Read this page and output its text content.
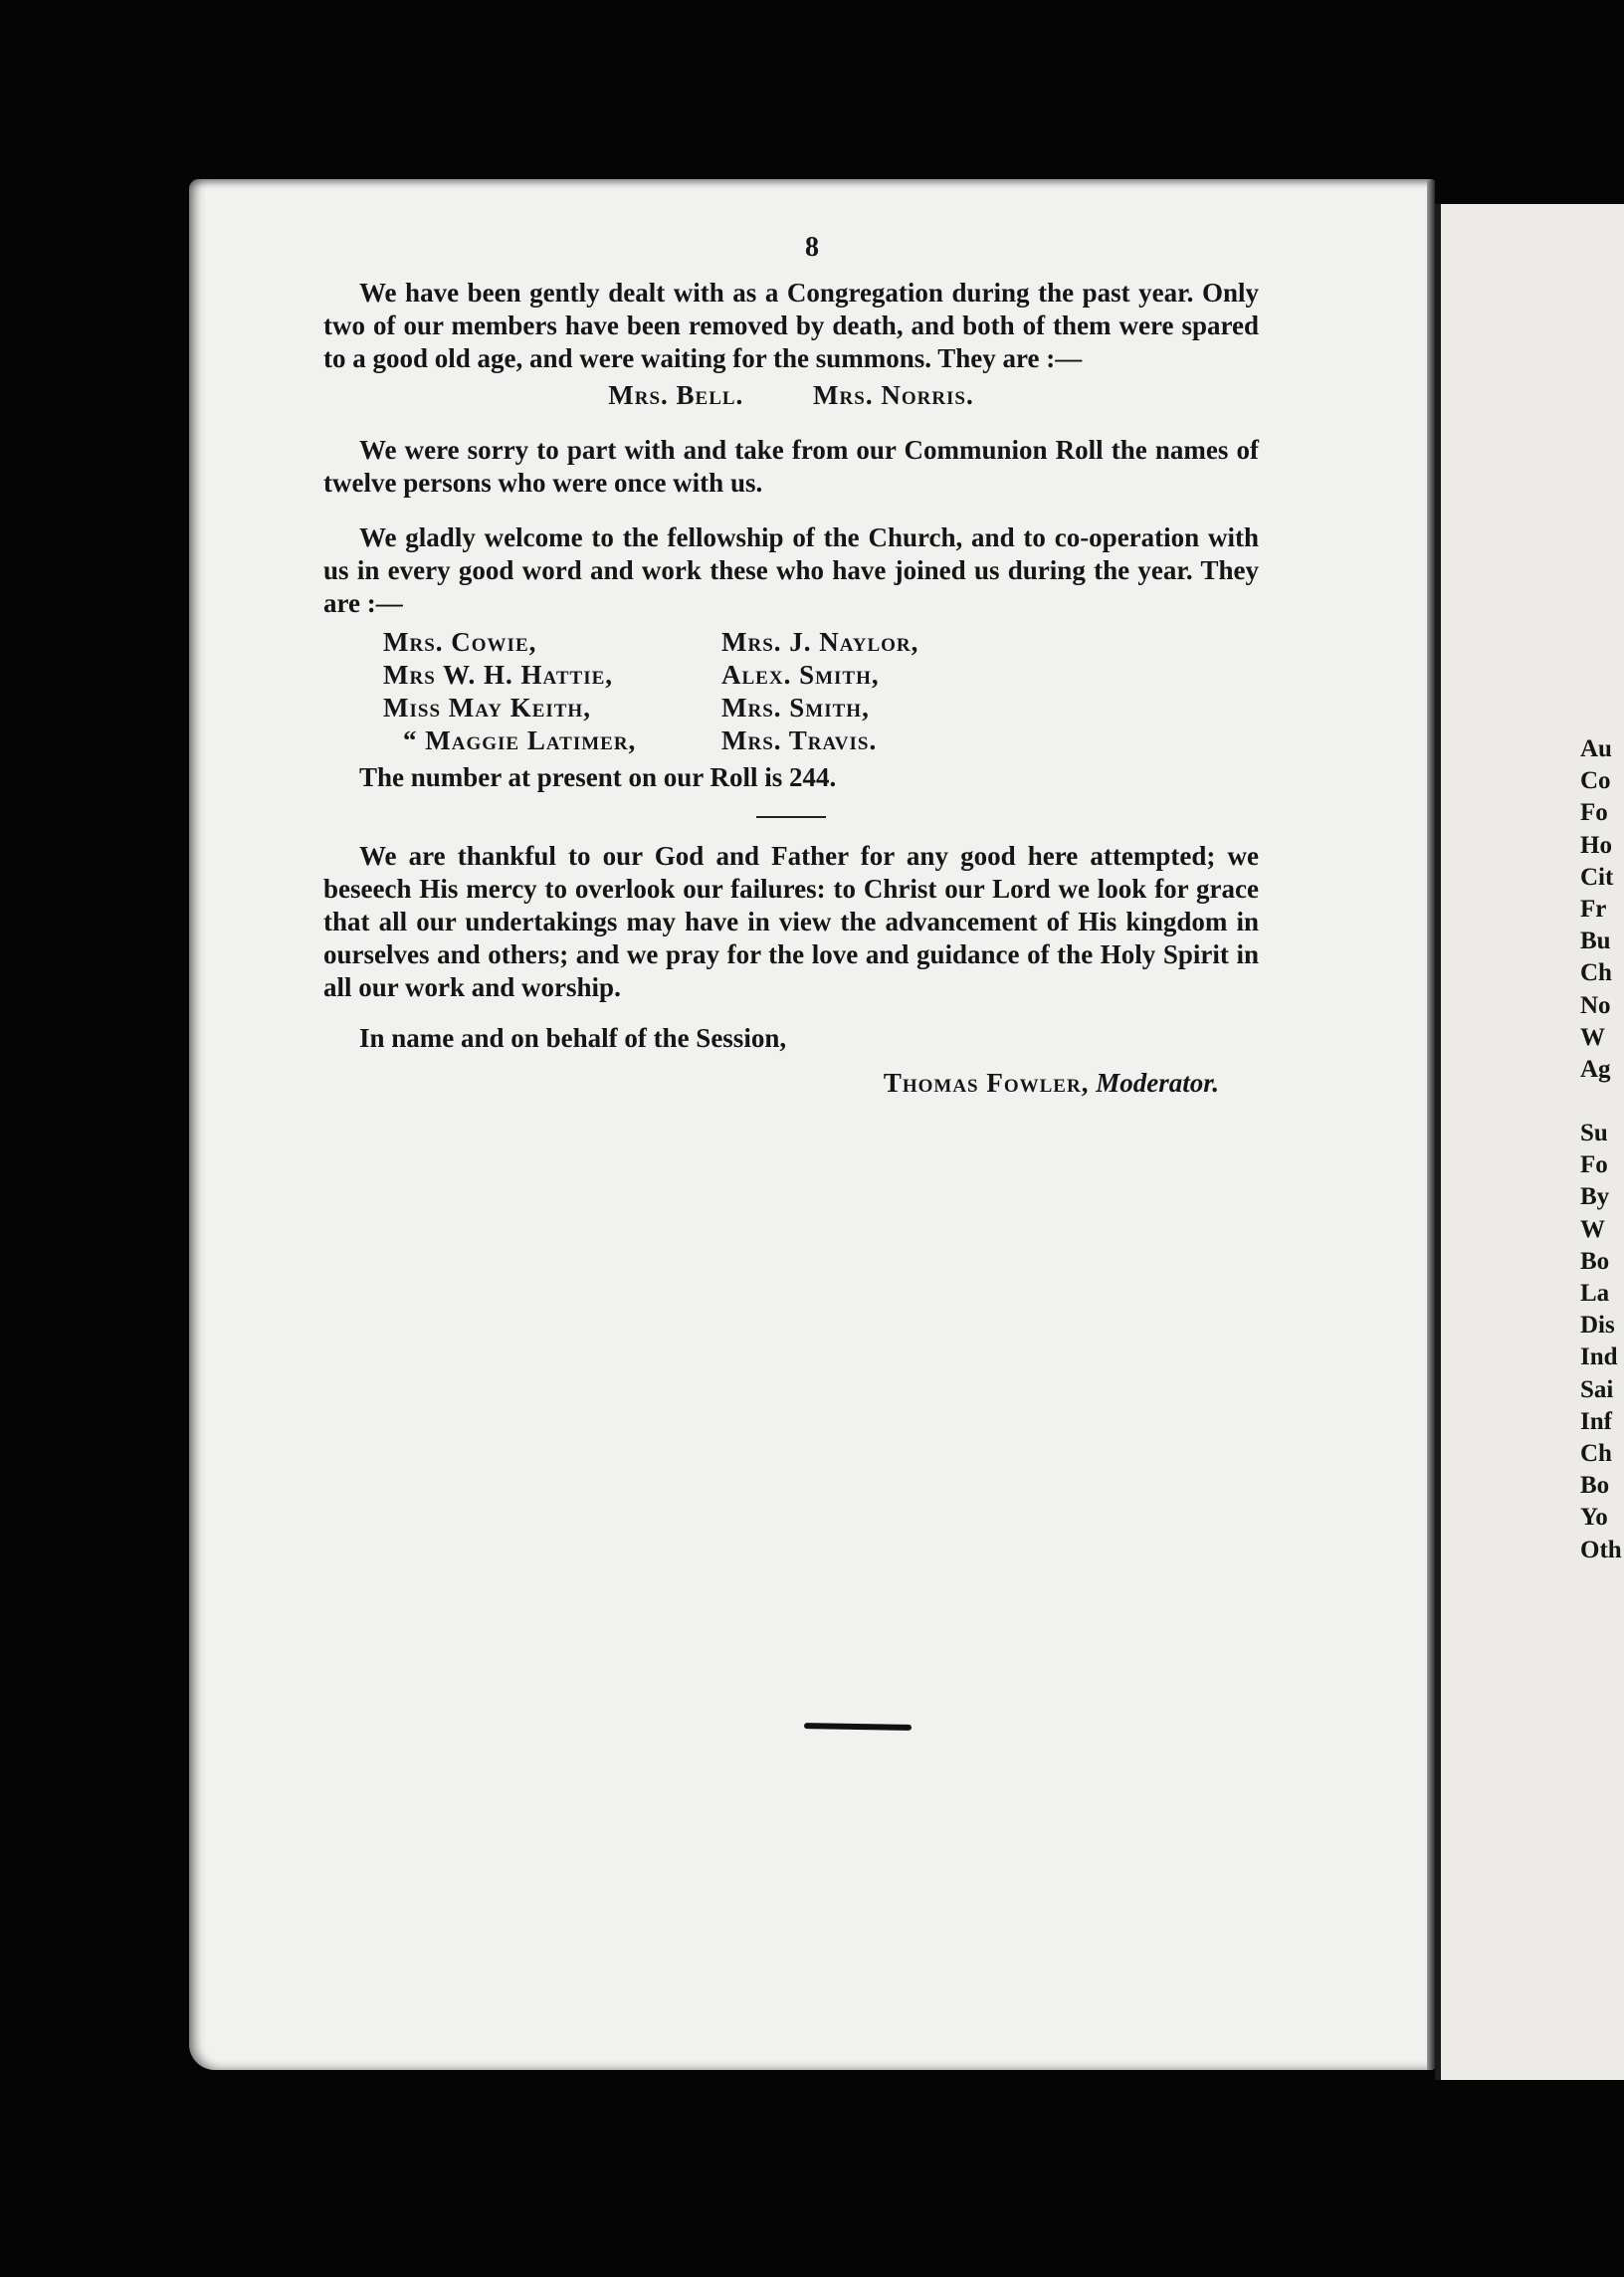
8

We have been gently dealt with as a Congregation during the past year. Only two of our members have been removed by death, and both of them were spared to a good old age, and were waiting for the summons. They are :—

Mrs. Bell.	Mrs. Norris.

We were sorry to part with and take from our Communion Roll the names of twelve persons who were once with us.

We gladly welcome to the fellowship of the Church, and to co-operation with us in every good word and work these who have joined us during the year. They are :—

Mrs. Cowie,	Mrs. J. Naylor,
Mrs W. H. Hattie,	Alex. Smith,
Miss May Keith,	Mrs. Smith,
“ Maggie Latimer,	Mrs. Travis.

The number at present on our Roll is 244.

We are thankful to our God and Father for any good here attempted; we beseech His mercy to overlook our failures: to Christ our Lord we look for grace that all our undertakings may have in view the advancement of His kingdom in ourselves and others; and we pray for the love and guidance of the Holy Spirit in all our work and worship.

In name and on behalf of the Session,

Thomas Fowler, Moderator.

Au
Co
Fo
Ho
Cit
Fr
Bu
Ch
No
W
Ag
Su
Fo
By
W
Bo
La
Dis
Ind
Sai
Inf
Ch
Bo
Yo
Oth
